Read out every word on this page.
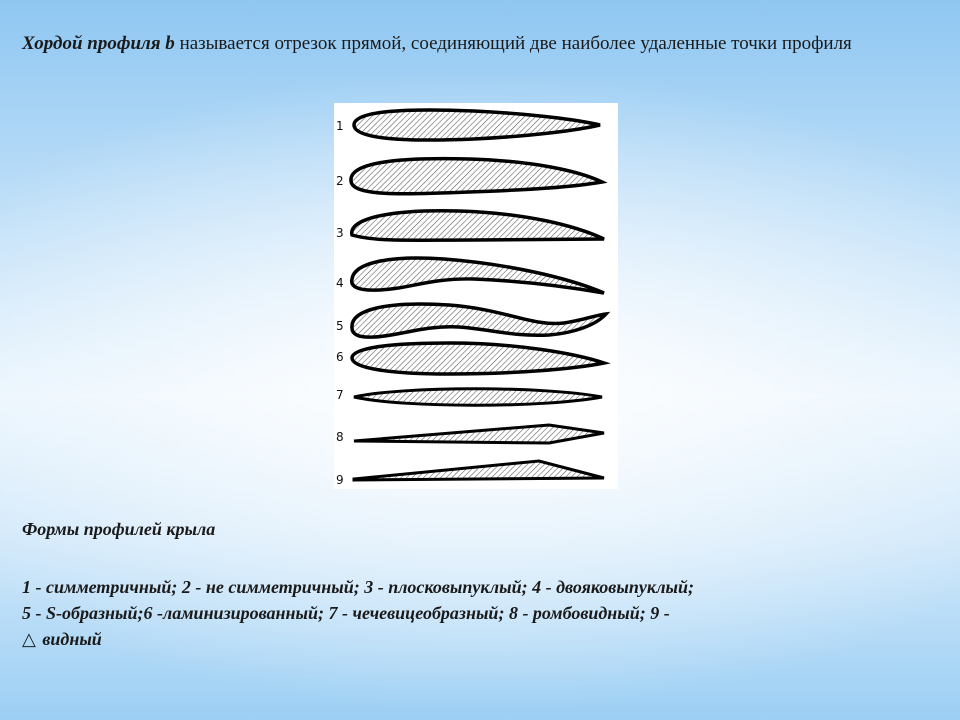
Хордой профиля b называется отрезок прямой, соединяющий две наиболее удаленные точки профиля
1
2
3
4
5
6
7
8
9
Формы профилей крыла
1 - симметричный; 2 - не симметричный; 3 - плосковыпуклый; 4 - двояковыпуклый;
5 - S-образный;6 -ламинизированный; 7 - чечевицеобразный; 8 - ромбовидный; 9 -
△ видный
